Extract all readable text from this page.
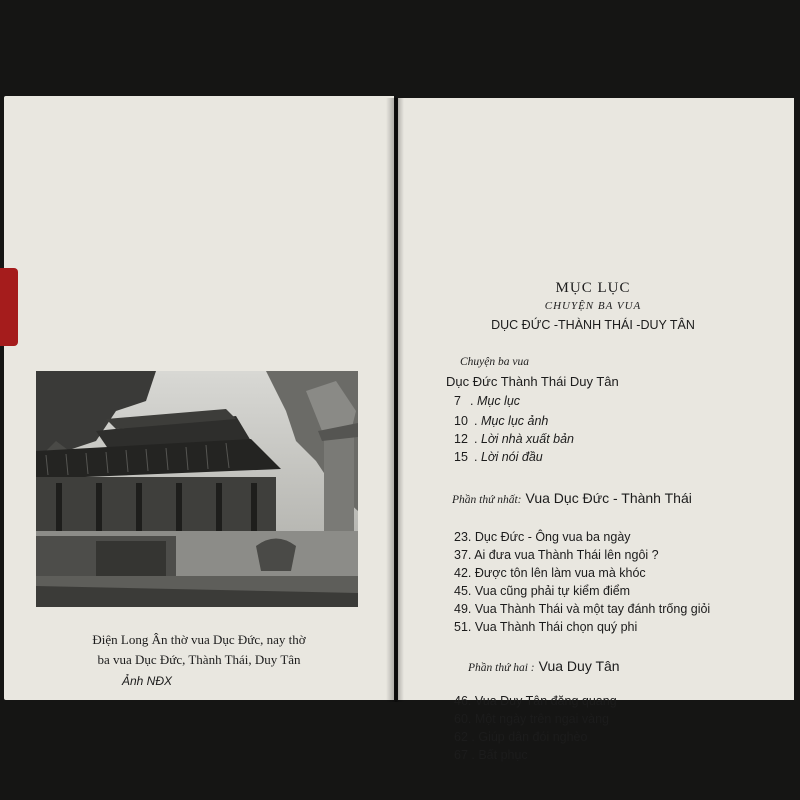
Điện Long Ân thờ vua Dục Đức, nay thờ
ba vua Dục Đức, Thành Thái, Duy Tân
Ảnh NĐX
MỤC LỤC
CHUYỆN BA VUA
DỤC ĐỨC -THÀNH THÁI -DUY TÂN
Chuyện ba vua
Dục Đức Thành Thái Duy Tân
7 . Mục lục
10 . Mục lục ảnh
12 . Lời nhà xuất bản
15 . Lời nói đầu
Phần thứ nhất: Vua Dục Đức - Thành Thái
23. Dục Đức - Ông vua ba ngày
37. Ai đưa vua Thành Thái lên ngôi ?
42. Được tôn lên làm vua mà khóc
45. Vua cũng phải tự kiểm điểm
49. Vua Thành Thái và một tay đánh trống giỏi
51. Vua Thành Thái chọn quý phi
Phần thứ hai : Vua Duy Tân
46. Vua Duy Tân đăng quang
60. Một ngày trên ngai vàng
62 . Giúp dân đói nghèo
67 . Bất phục
